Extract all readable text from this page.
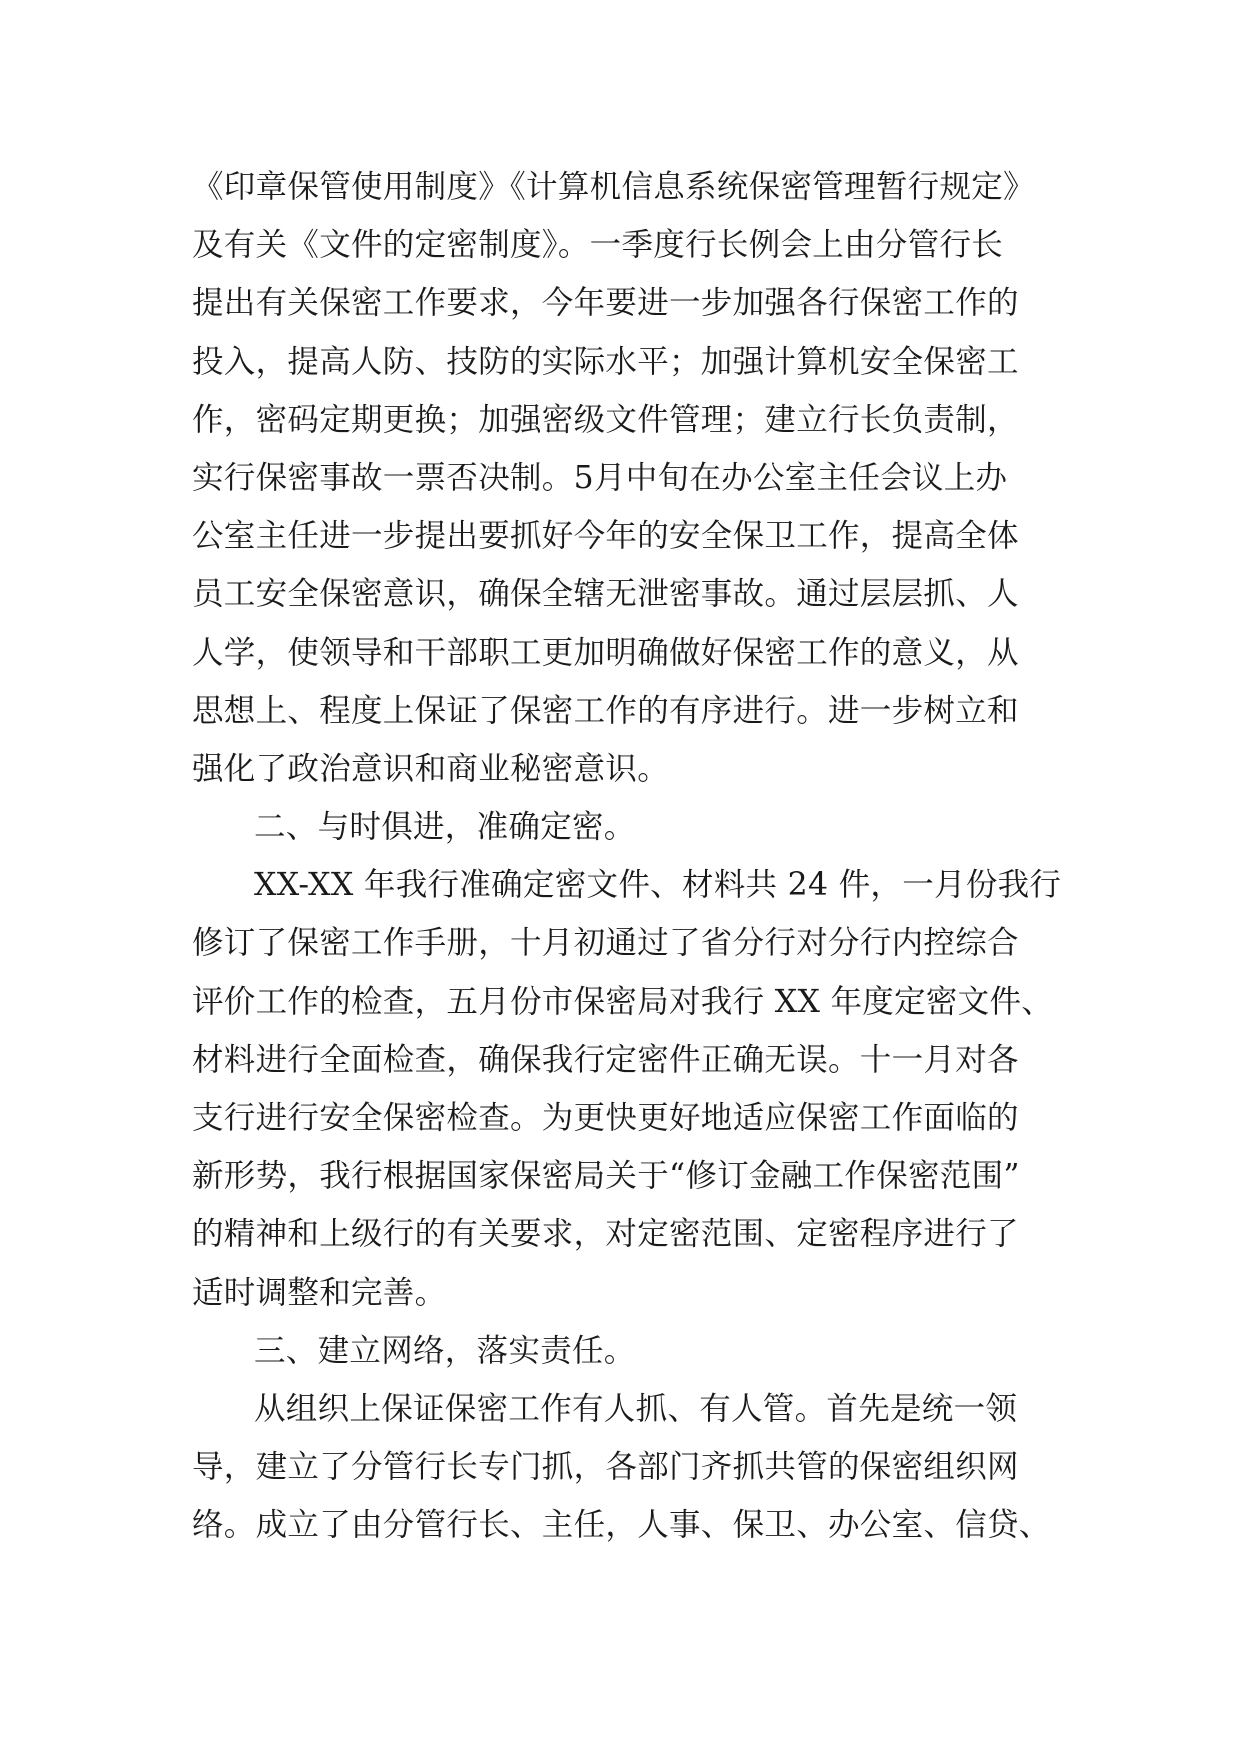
《印章保管使用制度》《计算机信息系统保密管理暂行规定》
及有关《文件的定密制度》。一季度行长例会上由分管行长
提出有关保密工作要求，今年要进一步加强各行保密工作的
投入，提高人防、技防的实际水平；加强计算机安全保密工
作，密码定期更换；加强密级文件管理；建立行长负责制，
实行保密事故一票否决制。5月中旬在办公室主任会议上办
公室主任进一步提出要抓好今年的安全保卫工作，提高全体
员工安全保密意识，确保全辖无泄密事故。通过层层抓、人
人学，使领导和干部职工更加明确做好保密工作的意义，从
思想上、程度上保证了保密工作的有序进行。进一步树立和
强化了政治意识和商业秘密意识。
二、与时俱进，准确定密。
XX-XX 年我行准确定密文件、材料共 24 件，一月份我行
修订了保密工作手册，十月初通过了省分行对分行内控综合
评价工作的检查，五月份市保密局对我行 XX 年度定密文件、
材料进行全面检查，确保我行定密件正确无误。十一月对各
支行进行安全保密检查。为更快更好地适应保密工作面临的
新形势，我行根据国家保密局关于“修订金融工作保密范围”
的精神和上级行的有关要求，对定密范围、定密程序进行了
适时调整和完善。
三、建立网络，落实责任。
从组织上保证保密工作有人抓、有人管。首先是统一领
导，建立了分管行长专门抓，各部门齐抓共管的保密组织网
络。成立了由分管行长、主任，人事、保卫、办公室、信贷、
